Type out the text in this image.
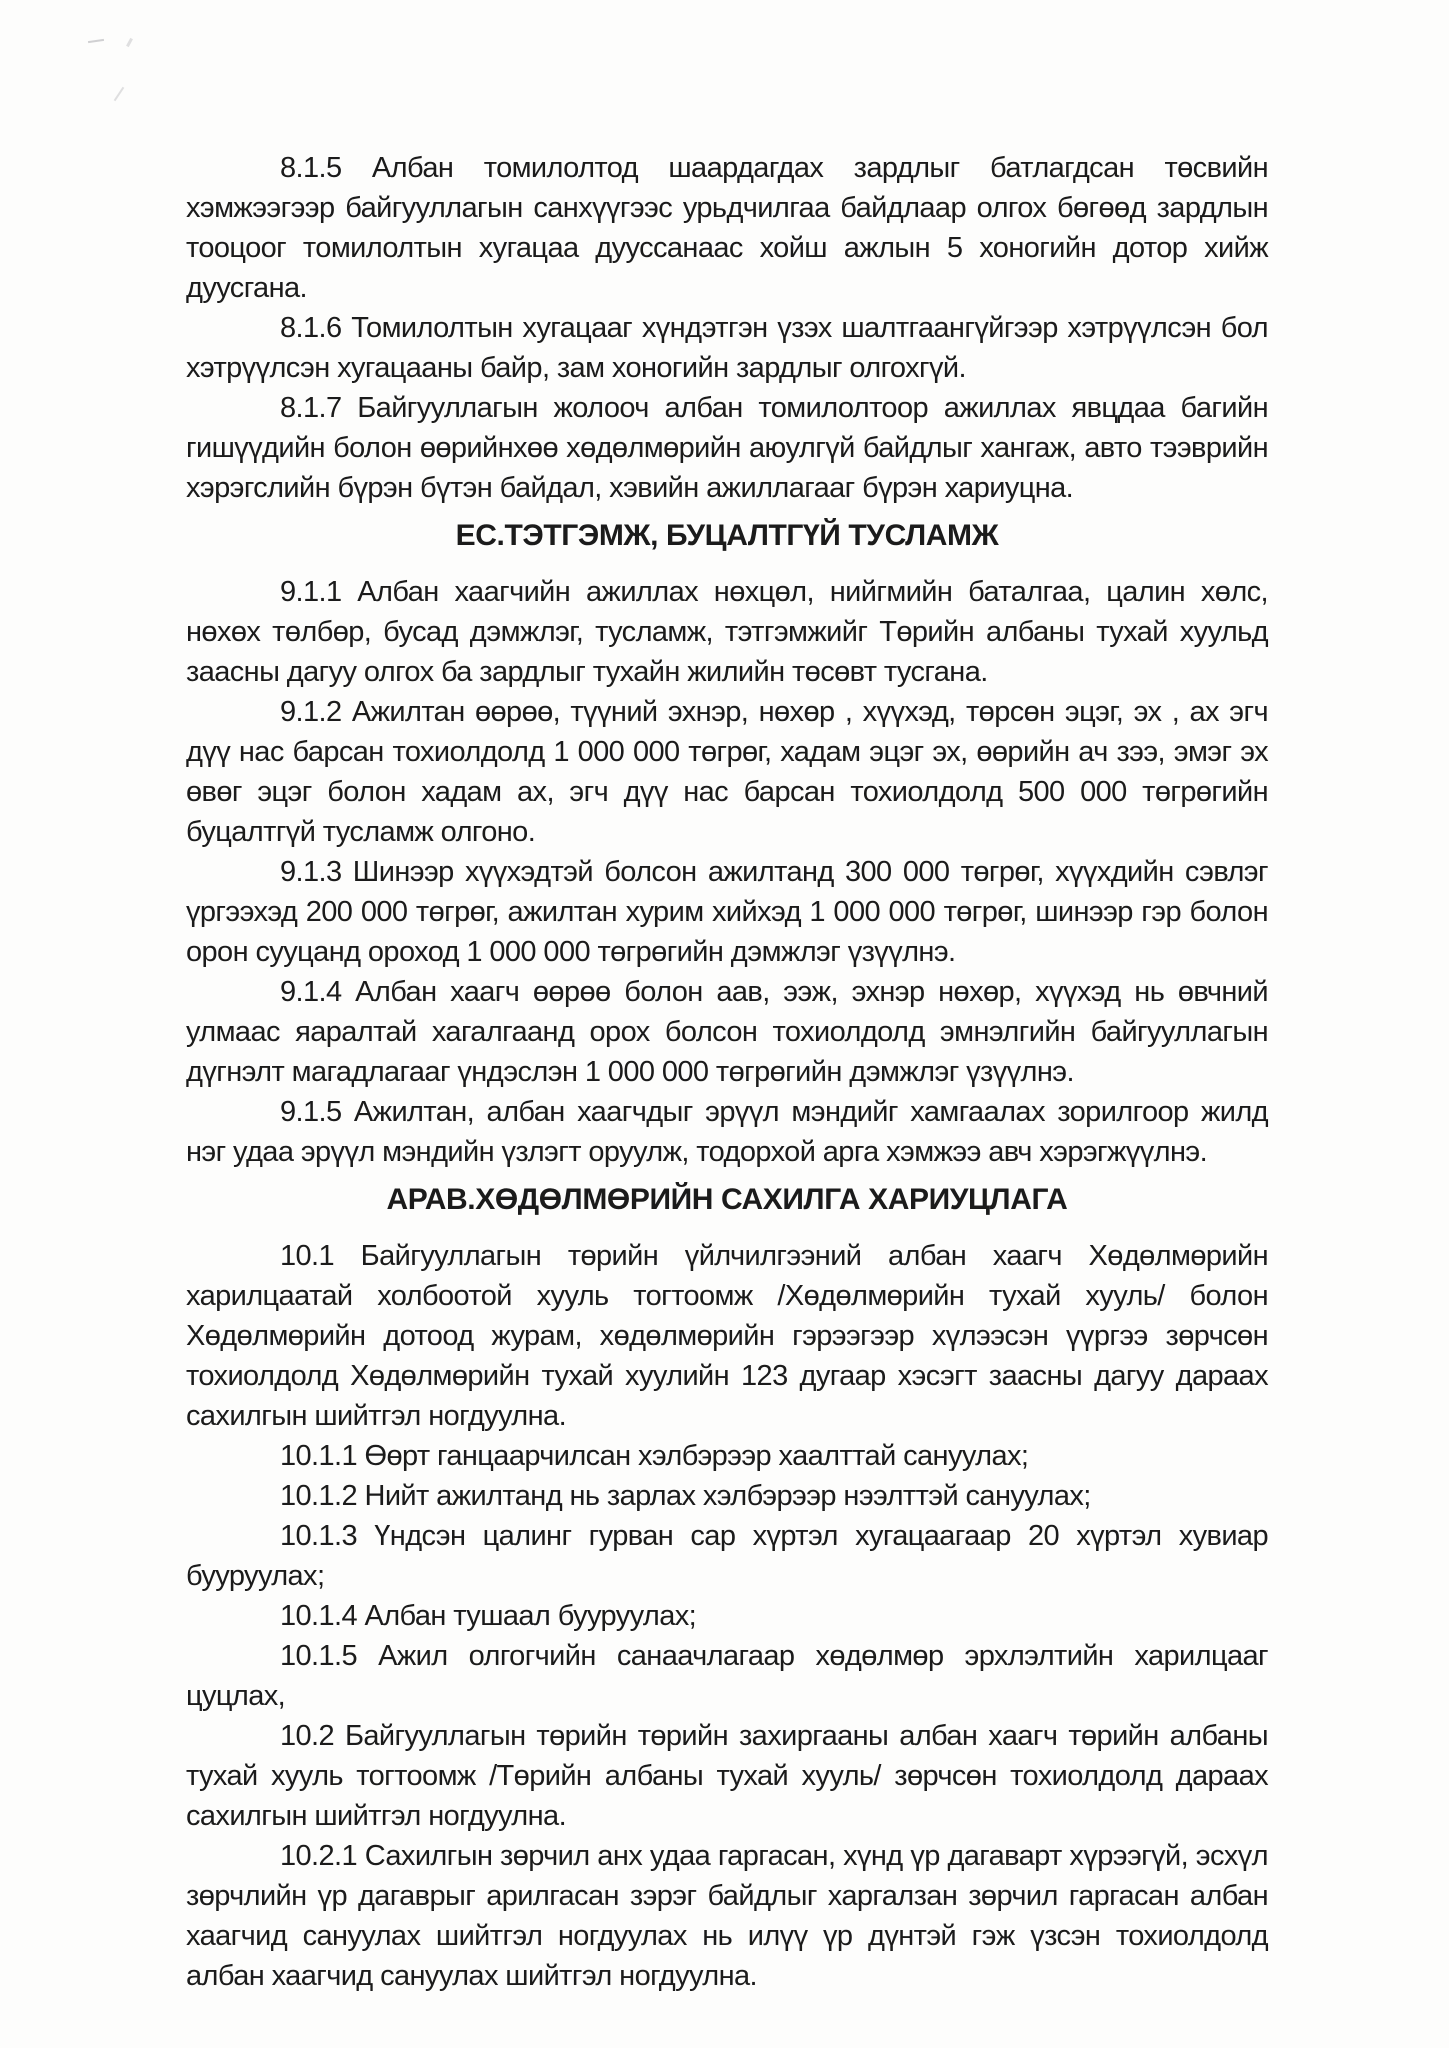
8.1.5 Албан томилолтод шаардагдах зардлыг батлагдсан төсвийн хэмжээгээр байгууллагын санхүүгээс урьдчилгаа байдлаар олгох бөгөөд зардлын тооцоог томилолтын хугацаа дууссанаас хойш ажлын 5 хоногийн дотор хийж дуусгана.

8.1.6 Томилолтын хугацааг хүндэтгэн үзэх шалтгаангүйгээр хэтрүүлсэн бол хэтрүүлсэн хугацааны байр, зам хоногийн зардлыг олгохгүй.

8.1.7 Байгууллагын жолооч албан томилолтоор ажиллах явцдаа багийн гишүүдийн болон өөрийнхөө хөдөлмөрийн аюулгүй байдлыг хангаж, авто тээврийн хэрэгслийн бүрэн бүтэн байдал, хэвийн ажиллагааг бүрэн хариуцна.

ЕС.ТЭТГЭМЖ, БУЦАЛТГҮЙ ТУСЛАМЖ

9.1.1 Албан хаагчийн ажиллах нөхцөл, нийгмийн баталгаа, цалин хөлс, нөхөх төлбөр, бусад дэмжлэг, тусламж, тэтгэмжийг Төрийн албаны тухай хуульд заасны дагуу олгох ба зардлыг тухайн жилийн төсөвт тусгана.

9.1.2 Ажилтан өөрөө, түүний эхнэр, нөхөр , хүүхэд, төрсөн эцэг, эх , ах эгч дүү нас барсан тохиолдолд 1 000 000 төгрөг, хадам эцэг эх, өөрийн ач зээ, эмэг эх өвөг эцэг болон хадам ах, эгч дүү нас барсан тохиолдолд 500 000 төгрөгийн буцалтгүй тусламж олгоно.

9.1.3 Шинээр хүүхэдтэй болсон ажилтанд 300 000 төгрөг, хүүхдийн сэвлэг үргээхэд 200 000 төгрөг, ажилтан хурим хийхэд 1 000 000 төгрөг, шинээр гэр болон орон сууцанд ороход 1 000 000 төгрөгийн дэмжлэг үзүүлнэ.

9.1.4 Албан хаагч өөрөө болон аав, ээж, эхнэр нөхөр, хүүхэд нь өвчний улмаас яаралтай хагалгаанд орох болсон тохиолдолд эмнэлгийн байгууллагын дүгнэлт магадлагааг үндэслэн 1 000 000 төгрөгийн дэмжлэг үзүүлнэ.

9.1.5 Ажилтан, албан хаагчдыг эрүүл мэндийг хамгаалах зорилгоор жилд нэг удаа эрүүл мэндийн үзлэгт оруулж, тодорхой арга хэмжээ авч хэрэгжүүлнэ.

АРАВ.ХӨДӨЛМӨРИЙН САХИЛГА ХАРИУЦЛАГА

10.1 Байгууллагын төрийн үйлчилгээний албан хаагч Хөдөлмөрийн харилцаатай холбоотой хууль тогтоомж /Хөдөлмөрийн тухай хууль/ болон Хөдөлмөрийн дотоод журам, хөдөлмөрийн гэрээгээр хүлээсэн үүргээ зөрчсөн тохиолдолд Хөдөлмөрийн тухай хуулийн 123 дугаар хэсэгт заасны дагуу дараах сахилгын шийтгэл ногдуулна.

10.1.1 Өөрт ганцаарчилсан хэлбэрээр хаалттай сануулах;

10.1.2 Нийт ажилтанд нь зарлах хэлбэрээр нээлттэй сануулах;

10.1.3 Үндсэн цалинг гурван сар хүртэл хугацаагаар 20 хүртэл хувиар бууруулах;

10.1.4 Албан тушаал бууруулах;

10.1.5 Ажил олгогчийн санаачлагаар хөдөлмөр эрхлэлтийн харилцааг цуцлах,

10.2 Байгууллагын төрийн төрийн захиргааны албан хаагч төрийн албаны тухай хууль тогтоомж /Төрийн албаны тухай хууль/ зөрчсөн тохиолдолд дараах сахилгын шийтгэл ногдуулна.

10.2.1 Сахилгын зөрчил анх удаа гаргасан, хүнд үр дагаварт хүрээгүй, эсхүл зөрчлийн үр дагаврыг арилгасан зэрэг байдлыг харгалзан зөрчил гаргасан албан хаагчид сануулах шийтгэл ногдуулах нь илүү үр дүнтэй гэж үзсэн тохиолдолд албан хаагчид сануулах шийтгэл ногдуулна.
